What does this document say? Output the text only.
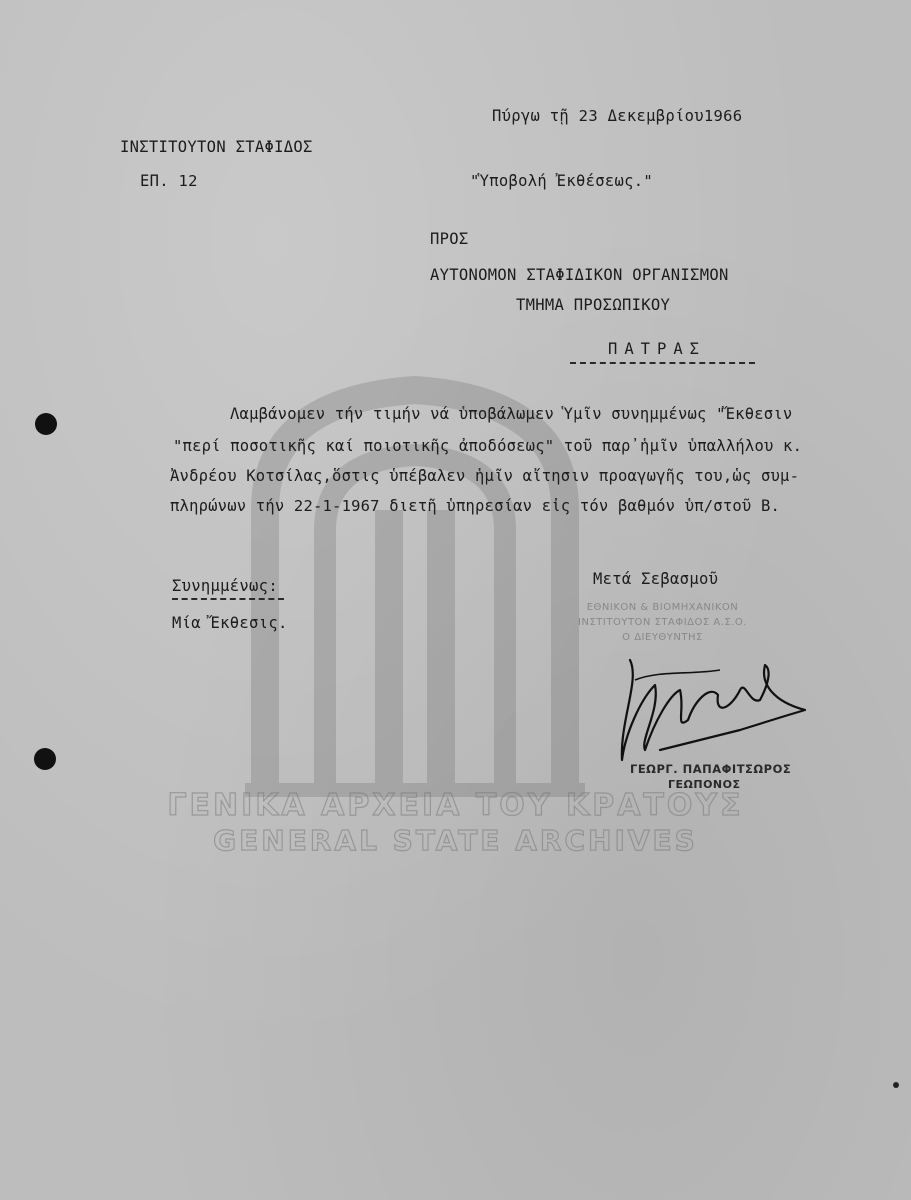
ΓΕΝΙΚΑ ΑΡΧΕΙΑ ΤΟΥ ΚΡΑΤΟΥΣ
GENERAL STATE ARCHIVES
Πύργω τῇ 23 Δεκεμβρίου1966
ΙΝΣΤΙΤΟΥΤΟΝ ΣΤΑΦΙΔΟΣ
ΕΠ. 12	"Ὑποβολή Ἐκθέσεως."
ΠΡΟΣ
ΑΥΤΟΝΟΜΟΝ ΣΤΑΦΙΔΙΚΟΝ ΟΡΓΑΝΙΣΜΟΝ
ΤΜΗΜΑ ΠΡΟΣΩΠΙΚΟΥ
ΠΑΤΡΑΣ
Λαμβάνομεν τήν τιμήν νά ὑποβάλωμεν Ὑμῖν συνημμένως "Ἔκθεσιν
"περί ποσοτικῆς καί ποιοτικῆς ἀποδόσεως" τοῦ παρ᾽ἡμῖν ὑπαλλήλου κ.
Ἀνδρέου Κοτσίλας,ὅστις ὑπέβαλεν ἡμῖν αἴτησιν προαγωγῆς του,ὡς συμ-
πληρώνων τήν 22-1-1967 διετῆ ὑπηρεσίαν εἰς τόν βαθμόν ὑπ/στοῦ Β.
Συνημμένως:
Μία Ἔκθεσις.
Μετά Σεβασμοῦ
ΕΘΝΙΚΟΝ & ΒΙΟΜΗΧΑΝΙΚΟΝ
ΙΝΣΤΙΤΟΥΤΟΝ ΣΤΑΦΙΔΟΣ Α.Σ.Ο.
Ο ΔΙΕΥΘΥΝΤΗΣ
ΓΕΩΡΓ. ΠΑΠΑΦΙΤΣΩΡΟΣ
ΓΕΩΠΟΝΟΣ
